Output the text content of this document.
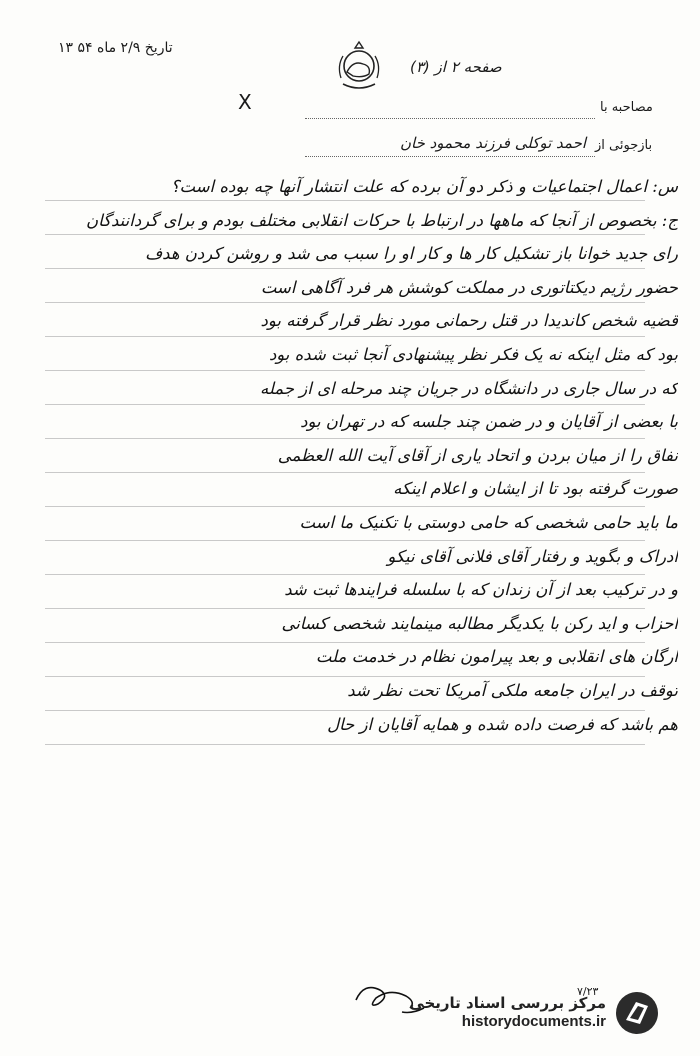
تاریخ ۲/۹ ماه ۵۴ ۱۳
صفحه ۲ از (۳)
X	مصاحبه با
بازجوئی از
احمد توکلی فرزند محمود خان

س: اعمال اجتماعیات و ذکر دو آن برده که علت انتشار آنها چه بوده است؟

ج: بخصوص از آنجا که ماهها در ارتباط با حرکات انقلابی مختلف بودم و برای گردانندگان

رای جدید خوانا باز تشکیل کار ها و کار او را سبب می شد و روشن کردن هدف

حضور رژیم دیکتاتوری در مملکت کوشش هر فرد آگاهی است

قضیه شخص کاندیدا در قتل رحمانی مورد نظر قرار گرفته بود

بود که مثل اینکه نه یک فکر نظر پیشنهادی آنجا ثبت شده بود

که در سال جاری در دانشگاه در جریان چند مرحله ای از جمله

با بعضی از آقایان و در ضمن چند جلسه که در تهران بود

نفاق را از میان بردن و اتحاد یاری از آقای آیت الله العظمی

صورت گرفته بود تا از ایشان و اعلام اینکه

ما باید حامی شخصی که حامی دوستی با تکنیک ما است

ادراک و بگوید و رفتار آقای فلانی آقای نیکو

و در ترکیب بعد از آن زندان که با سلسله فرایندها ثبت شد

احزاب و اید رکن با یکدیگر مطالبه مینمایند شخصی کسانی

ارگان های انقلابی و بعد پیرامون نظام در خدمت ملت

توقف در ایران جامعه ملکی آمریکا تحت نظر شد

هم باشد که فرصت داده شده و همایه آقایان از حال

۷/۲۳
مرکز بررسی اسناد تاریخی
historydocuments.ir
